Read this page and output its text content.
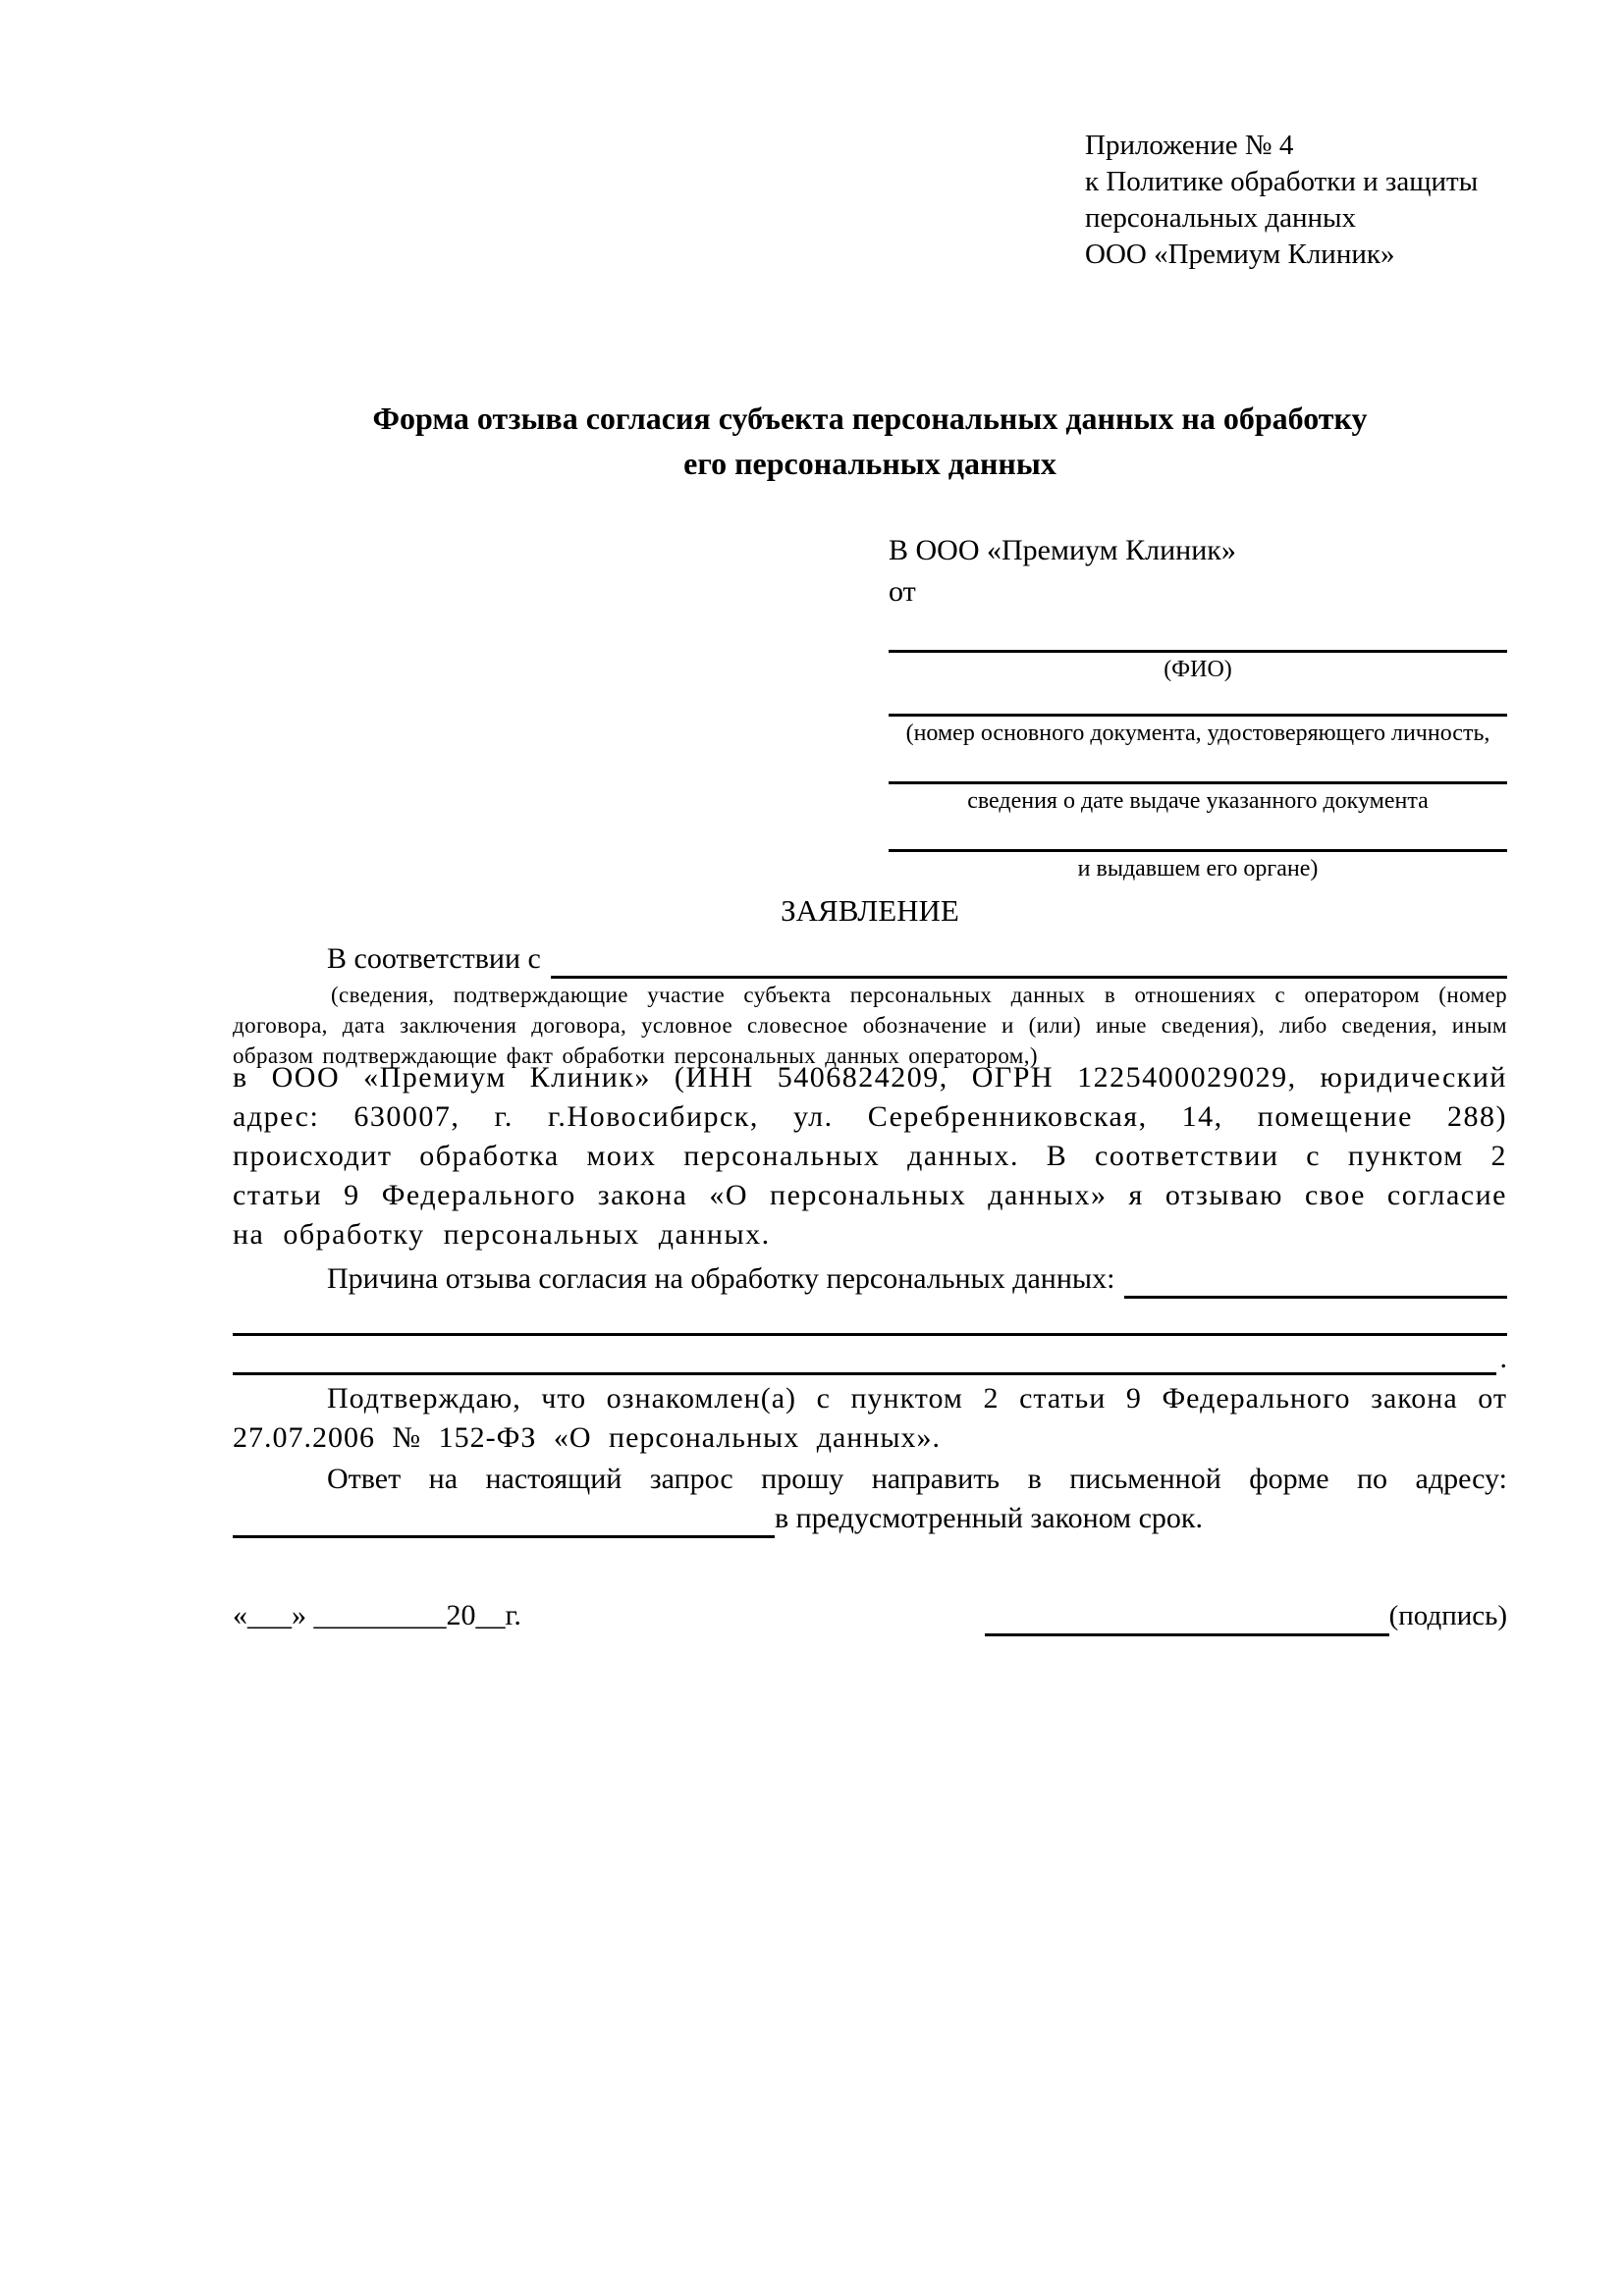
Приложение № 4
к Политике обработки и защиты
персональных данных
ООО «Премиум Клиник»
Форма отзыва согласия субъекта персональных данных на обработку
его персональных данных
В ООО «Премиум Клиник»
от
(ФИО)
(номер основного документа, удостоверяющего личность,
сведения о дате выдаче указанного документа
и выдавшем его органе)
ЗАЯВЛЕНИЕ
В соответствии с
(сведения, подтверждающие участие субъекта персональных данных в отношениях с оператором (номер договора, дата заключения договора, условное словесное обозначение и (или) иные сведения), либо сведения, иным образом подтверждающие факт обработки персональных данных оператором,)
в ООО «Премиум Клиник» (ИНН 5406824209, ОГРН 1225400029029, юридический адрес: 630007, г. г.Новосибирск, ул. Серебренниковская, 14, помещение 288) происходит обработка моих персональных данных. В соответствии с пунктом 2 статьи 9 Федерального закона «О персональных данных» я отзываю свое согласие на обработку персональных данных.
Причина отзыва согласия на обработку персональных данных:
.
Подтверждаю, что ознакомлен(а) с пунктом 2 статьи 9 Федерального закона от 27.07.2006 № 152-ФЗ «О персональных данных».
Ответ на настоящий запрос прошу направить в письменной форме по адресу:
в предусмотренный законом срок.
«___» _________20__г.	(подпись)
